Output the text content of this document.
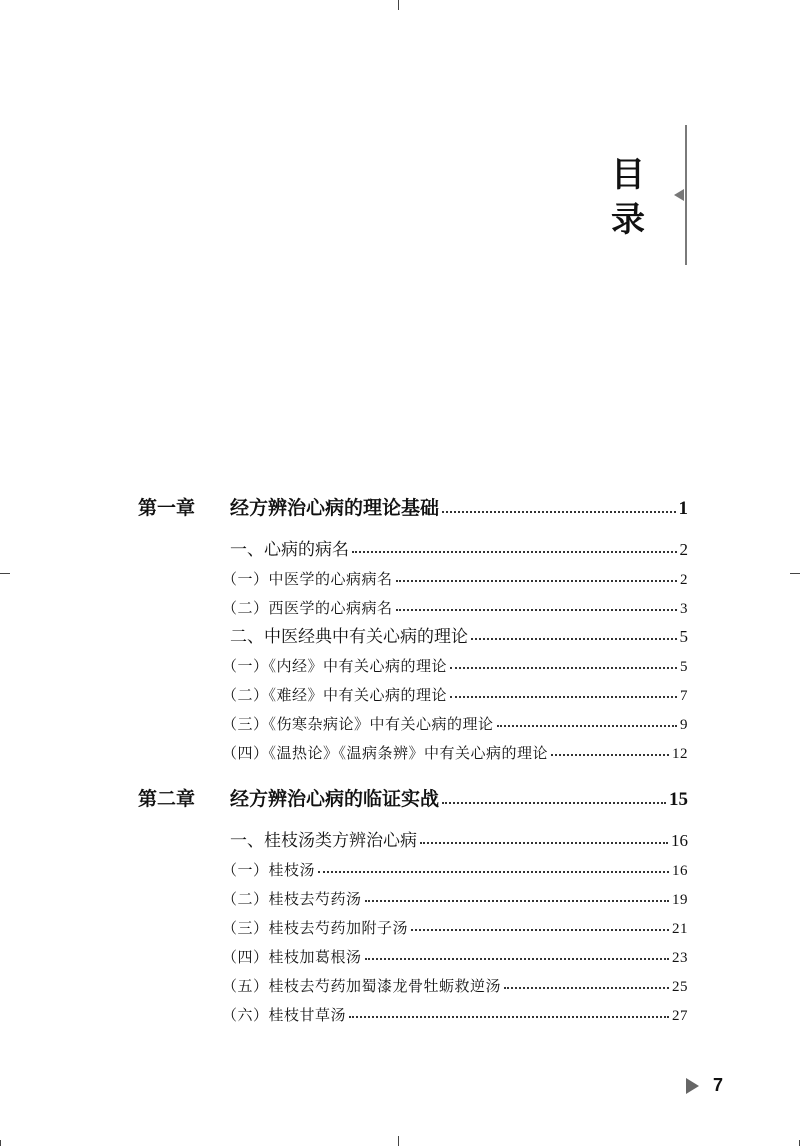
目
录
第一章	经方辨治心病的理论基础	1
一、心病的病名	2
（一）中医学的心病病名	2
（二）西医学的心病病名	3
二、中医经典中有关心病的理论	5
（一）《内经》中有关心病的理论	5
（二）《难经》中有关心病的理论	7
（三）《伤寒杂病论》中有关心病的理论	9
（四）《温热论》《温病条辨》中有关心病的理论	12
第二章	经方辨治心病的临证实战	15
一、桂枝汤类方辨治心病	16
（一）桂枝汤	16
（二）桂枝去芍药汤	19
（三）桂枝去芍药加附子汤	21
（四）桂枝加葛根汤	23
（五）桂枝去芍药加蜀漆龙骨牡蛎救逆汤	25
（六）桂枝甘草汤	27
7
